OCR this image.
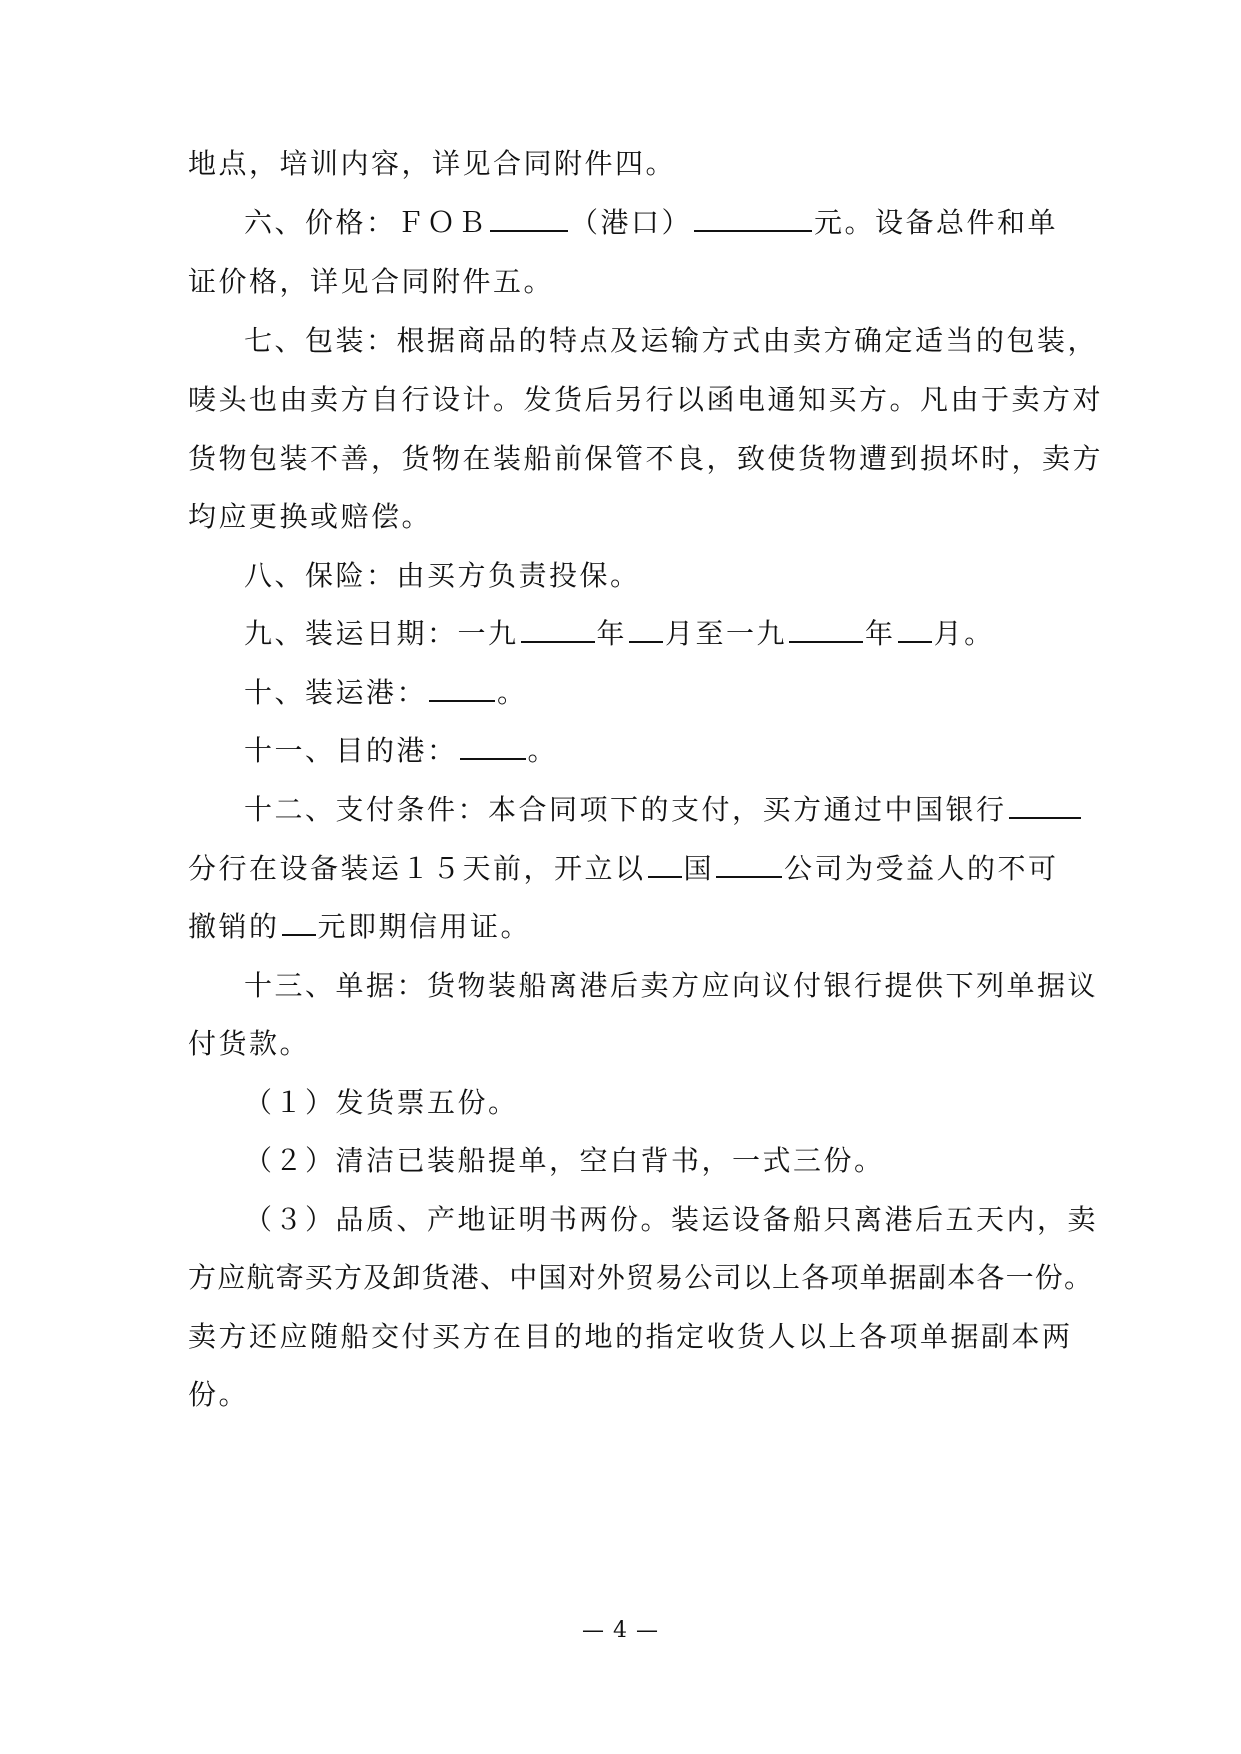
地点，培训内容，详见合同附件四。
六、价格：ＦＯＢ	（港口）	元。设备总件和单
证价格，详见合同附件五。
七、包装：根据商品的特点及运输方式由卖方确定适当的包装，
唛头也由卖方自行设计。发货后另行以函电通知买方。凡由于卖方对
货物包装不善，货物在装船前保管不良，致使货物遭到损坏时，卖方
均应更换或赔偿。
八、保险：由买方负责投保。
九、装运日期：一九	年 月至一九	年 月。
十、装运港：	。
十一、目的港：	。
十二、支付条件：本合同项下的支付，买方通过中国银行
分行在设备装运１５天前，开立以 国	公司为受益人的不可
撤销的 元即期信用证。
十三、单据：货物装船离港后卖方应向议付银行提供下列单据议
付货款。
（１）发货票五份。
（２）清洁已装船提单，空白背书，一式三份。
（３）品质、产地证明书两份。装运设备船只离港后五天内，卖
方应航寄买方及卸货港、中国对外贸易公司以上各项单据副本各一份。
卖方还应随船交付买方在目的地的指定收货人以上各项单据副本两
份。
— 4 —
